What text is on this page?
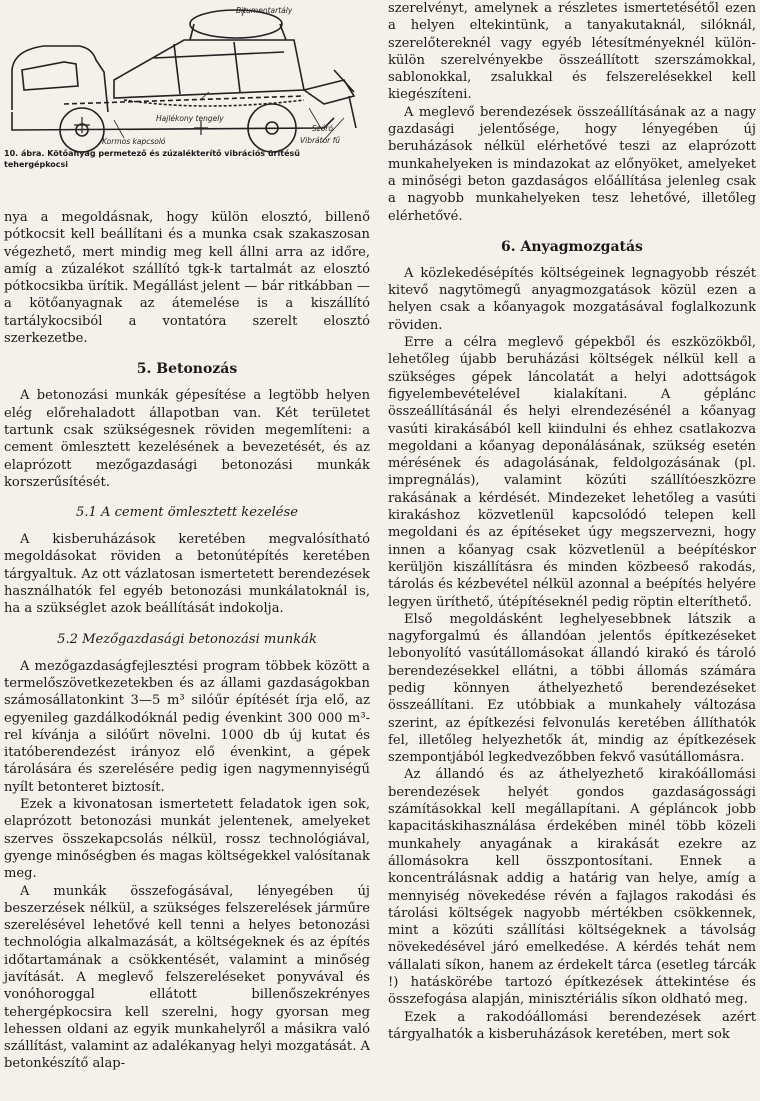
Bitumentartály
Hajlékony tengely
Kormos kapcsoló
Szóró
Vibrátor fű
10. ábra. Kötőanyag permetező és zúzalékterítő vibrációs ürítésű tehergépkocsi

nya a megoldásnak, hogy külön elosztó, billenő pótkocsit kell beállítani és a munka csak szakaszosan végezhető, mert mindig meg kell állni arra az időre, amíg a zúzalékot szállító tgk-k tartalmát az elosztó pótkocsikba ürítik. Megállást jelent — bár ritkábban — a kötőanyagnak az átemelése is a kiszállító tartálykocsiból a vontatóra szerelt elosztó szerkezetbe.

5. Betonozás

A betonozási munkák gépesítése a legtöbb helyen elég előrehaladott állapotban van. Két területet tartunk csak szükségesnek röviden megemlíteni: a cement ömlesztett kezelésének a bevezetését, és az elaprózott mezőgazdasági betonozási munkák korszerűsítését.

5.1 A cement ömlesztett kezelése

A kisberuházások keretében megvalósítható megoldásokat röviden a betonútépítés keretében tárgyaltuk. Az ott vázlatosan ismertetett berendezések használhatók fel egyéb betonozási munkálatoknál is, ha a szükséglet azok beállítását indokolja.

5.2 Mezőgazdasági betonozási munkák

A mezőgazdaságfejlesztési program többek között a termelőszövetkezetekben és az állami gazdaságokban számosállatonkint 3—5 m³ silóűr építését írja elő, az egyenileg gazdálkodóknál pedig évenkint 300 000 m³-rel kívánja a silóűrt növelni. 1000 db új kutat és itatóberendezést irányoz elő évenkint, a gépek tárolására és szerelésére pedig igen nagymennyiségű nyílt betonteret biztosít.

Ezek a kivonatosan ismertetett feladatok igen sok, elaprózott betonozási munkát jelentenek, amelyeket szerves összekapcsolás nélkül, rossz technológiával, gyenge minőségben és magas költségekkel valósítanak meg.

A munkák összefogásával, lényegében új beszerzések nélkül, a szükséges felszerelések járműre szerelésével lehetővé kell tenni a helyes betonozási technológia alkalmazását, a költségeknek és az építés időtartamának a csökkentését, valamint a minőség javítását. A meglevő felszereléseket ponyvával és vonóhoroggal ellátott billenőszekrényes tehergépkocsira kell szerelni, hogy gyorsan meg lehessen oldani az egyik munkahelyről a másikra való szállítást, valamint az adalékanyag helyi mozgatását. A betonkészítő alap-

szerelvényt, amelynek a részletes ismertetésétől ezen a helyen eltekintünk, a tanyakutaknál, silóknál, szerelőtereknél vagy egyéb létesítményeknél külön-külön szerelvényekbe összeállított szerszámokkal, sablonokkal, zsalukkal és felszerelésekkel kell kiegészíteni.

A meglevő berendezések összeállításának az a nagy gazdasági jelentősége, hogy lényegében új beruházások nélkül elérhetővé teszi az elaprózott munkahelyeken is mindazokat az előnyöket, amelyeket a minőségi beton gazdaságos előállítása jelenleg csak a nagyobb munkahelyeken tesz lehetővé, illetőleg elérhetővé.

6. Anyagmozgatás

A közlekedésépítés költségeinek legnagyobb részét kitevő nagytömegű anyagmozgatások közül ezen a helyen csak a kőanyagok mozgatásával foglalkozunk röviden.

Erre a célra meglevő gépekből és eszközökből, lehetőleg újabb beruházási költségek nélkül kell a szükséges gépek láncolatát a helyi adottságok figyelembevételével kialakítani. A géplánc összeállításánál és helyi elrendezésénél a kőanyag vasúti kirakásából kell kiindulni és ehhez csatlakozva megoldani a kőanyag deponálásának, szükség esetén mérésének és adagolásának, feldolgozásának (pl. impregnálás), valamint közúti szállítóeszközre rakásának a kérdését. Mindezeket lehetőleg a vasúti kirakáshoz közvetlenül kapcsolódó telepen kell megoldani és az építéseket úgy megszervezni, hogy innen a kőanyag csak közvetlenül a beépítéskor kerüljön kiszállításra és minden közbeeső rakodás, tárolás és kézbevétel nélkül azonnal a beépítés helyére legyen üríthető, útépítéseknél pedig röptin elteríthető.

Első megoldásként leghelyesebbnek látszik a nagyforgalmú és állandóan jelentős építkezéseket lebonyolító vasútállomásokat állandó kirakó és tároló berendezésekkel ellátni, a többi állomás számára pedig könnyen áthelyezhető berendezéseket összeállítani. Ez utóbbiak a munkahely változása szerint, az építkezési felvonulás keretében állíthatók fel, illetőleg helyezhetők át, mindig az építkezések szempontjából legkedvezőbben fekvő vasútállomásra.

Az állandó és az áthelyezhető kirakóállomási berendezések helyét gondos gazdaságossági számításokkal kell megállapítani. A gépláncok jobb kapacitáskihasználása érdekében minél több közeli munkahely anyagának a kirakását ezekre az állomásokra kell összpontosítani. Ennek a koncentrálásnak addig a határig van helye, amíg a mennyiség növekedése révén a fajlagos rakodási és tárolási költségek nagyobb mértékben csökkennek, mint a közúti szállítási költségeknek a távolság növekedésével járó emelkedése. A kérdés tehát nem vállalati síkon, hanem az érdekelt tárca (esetleg tárcák !) hatáskörébe tartozó építkezések áttekintése és összefogása alapján, minisztériális síkon oldható meg.

Ezek a rakodóállomási berendezések azért tárgyalhatók a kisberuházások keretében, mert sok
